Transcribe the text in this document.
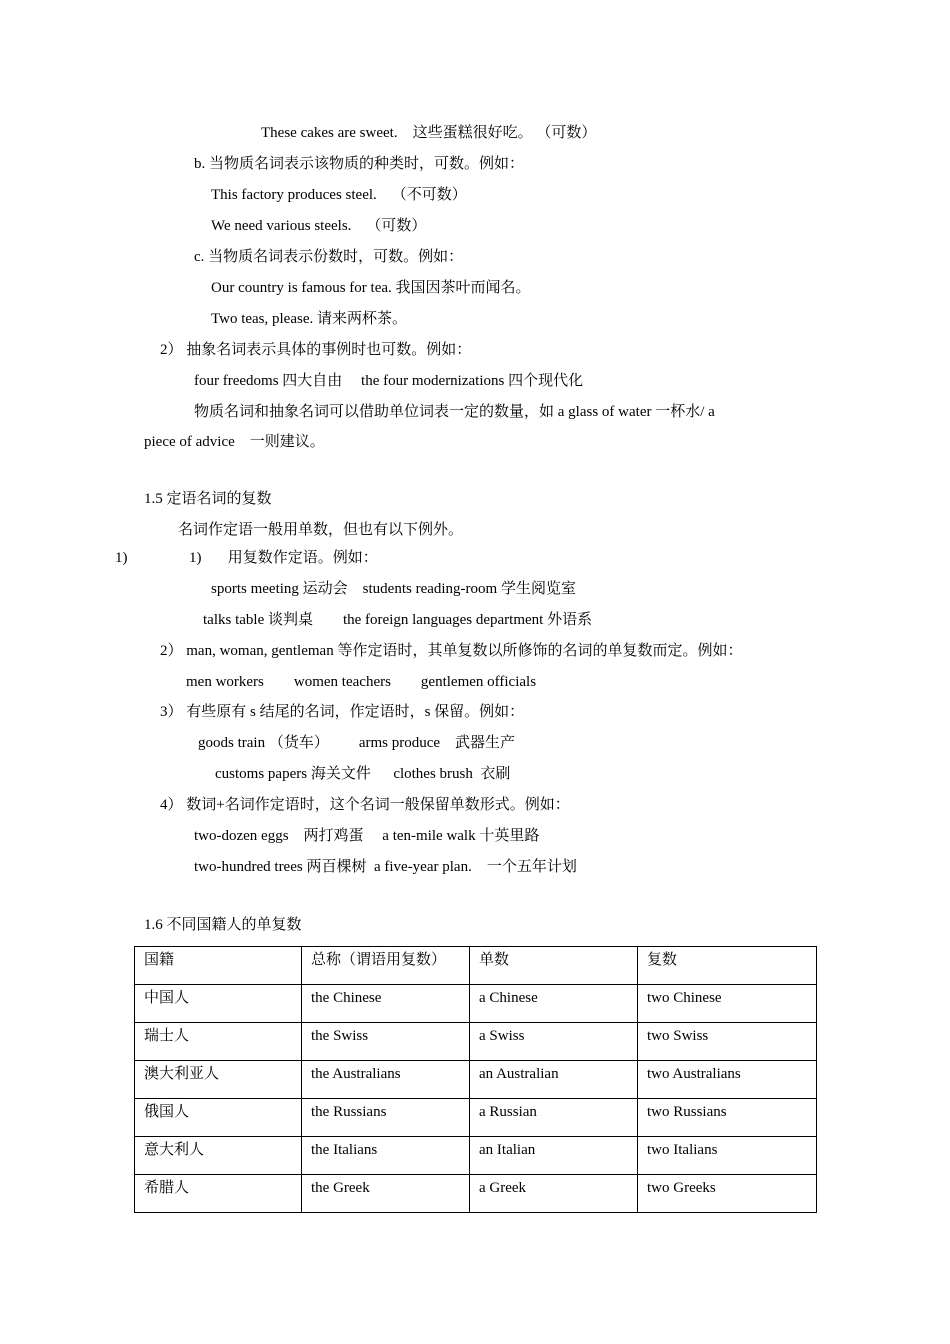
These cakes are sweet.    这些蛋糕很好吃。 （可数）
b. 当物质名词表示该物质的种类时，可数。例如：
This factory produces steel.    （不可数）
We need various steels.    （可数）
c. 当物质名词表示份数时，可数。例如：
Our country is famous for tea. 我国因茶叶而闻名。
Two teas, please. 请来两杯茶。
2） 抽象名词表示具体的事例时也可数。例如：
four freedoms 四大自由     the four modernizations 四个现代化
物质名词和抽象名词可以借助单位词表一定的数量，如 a glass of water 一杯水/ a
piece of advice    一则建议。
1.5 定语名词的复数
名词作定语一般用单数，但也有以下例外。
1)	1)       用复数作定语。例如：
sports meeting 运动会    students reading-room 学生阅览室
talks table 谈判桌        the foreign languages department 外语系
2） man, woman, gentleman 等作定语时，其单复数以所修饰的名词的单复数而定。例如：
men workers        women teachers        gentlemen officials
3） 有些原有 s 结尾的名词，作定语时，s 保留。例如：
goods train （货车）        arms produce    武器生产
customs papers 海关文件      clothes brush  衣刷
4） 数词+名词作定语时，这个名词一般保留单数形式。例如：
two-dozen eggs    两打鸡蛋     a ten-mile walk 十英里路
two-hundred trees 两百棵树  a five-year plan.    一个五年计划
1.6 不同国籍人的单复数
国籍	总称（谓语用复数）	单数	复数
中国人	the Chinese	a Chinese	two Chinese
瑞士人	the Swiss	a Swiss	two Swiss
澳大利亚人	the Australians	an Australian	two Australians
俄国人	the Russians	a Russian	two Russians
意大利人	the Italians	an Italian	two Italians
希腊人	the Greek	a Greek	two Greeks
